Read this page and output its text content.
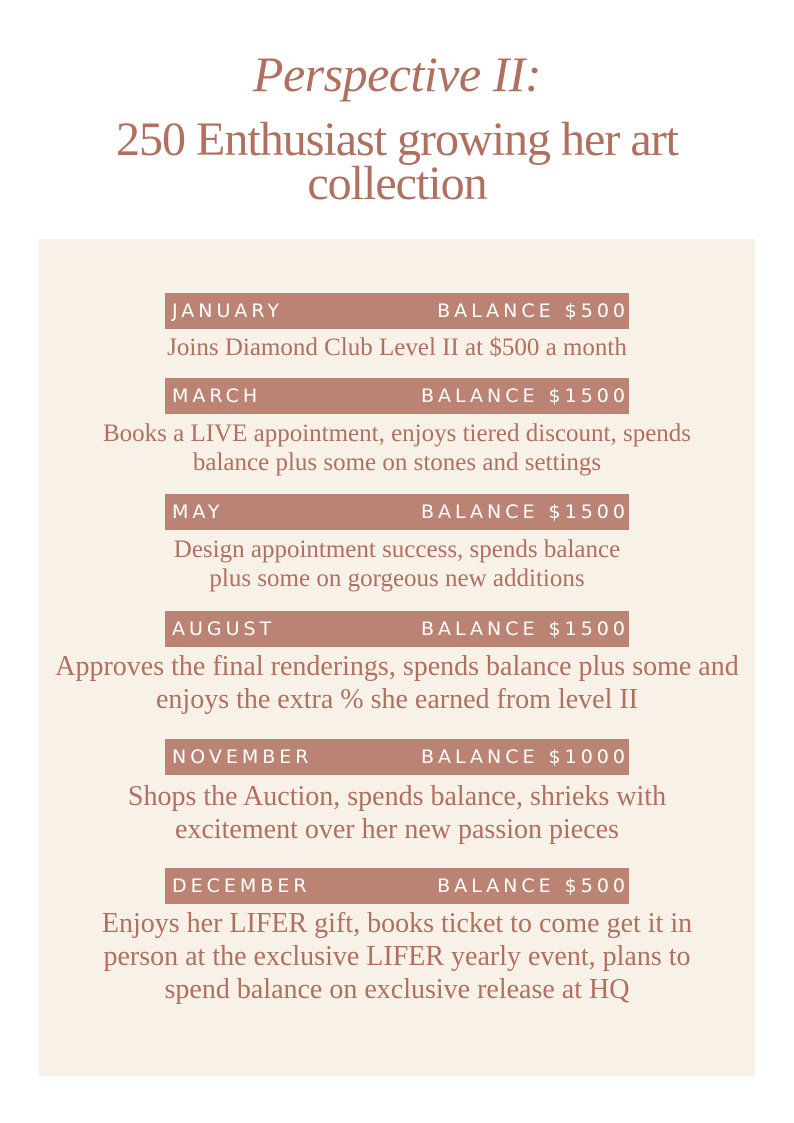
Perspective II:
250 Enthusiast growing her art collection
JANUARY	BALANCE $500
Joins Diamond Club Level II at $500 a month
MARCH	BALANCE $1500
Books a LIVE appointment, enjoys tiered discount, spends balance plus some on stones and settings
MAY	BALANCE $1500
Design appointment success, spends balance plus some on gorgeous new additions
AUGUST	BALANCE $1500
Approves the final renderings, spends balance plus some and enjoys the extra % she earned from level II
NOVEMBER	BALANCE $1000
Shops the Auction, spends balance, shrieks with excitement over her new passion pieces
DECEMBER	BALANCE $500
Enjoys her LIFER gift, books ticket to come get it in person at the exclusive LIFER yearly event, plans to spend balance on exclusive release at HQ
